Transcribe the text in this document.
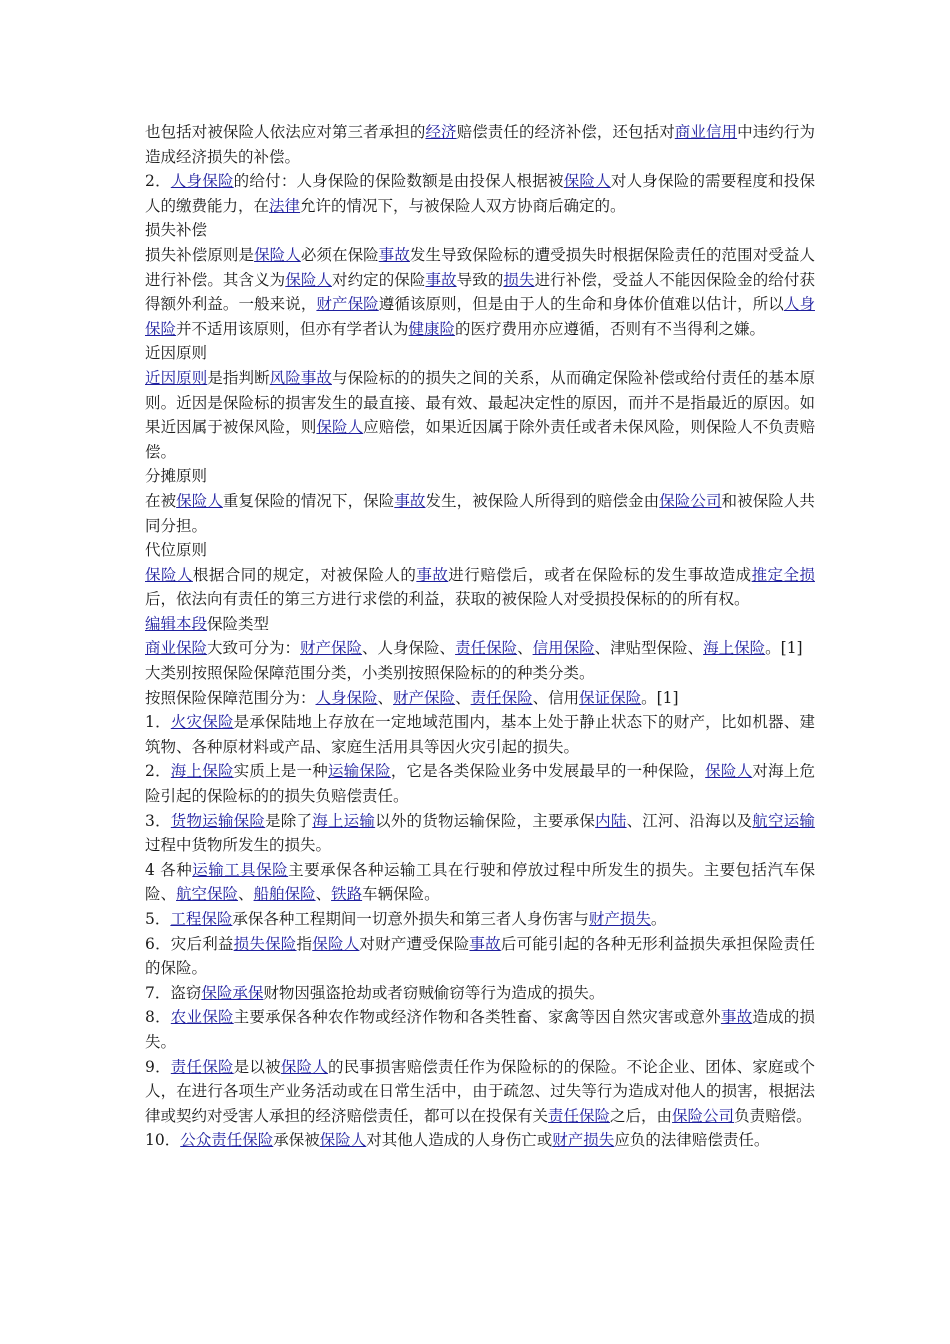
也包括对被保险人依法应对第三者承担的经济赔偿责任的经济补偿，还包括对商业信用中违约行为造成经济损失的补偿。

2．人身保险的给付：人身保险的保险数额是由投保人根据被保险人对人身保险的需要程度和投保人的缴费能力，在法律允许的情况下，与被保险人双方协商后确定的。

损失补偿

损失补偿原则是保险人必须在保险事故发生导致保险标的遭受损失时根据保险责任的范围对受益人进行补偿。其含义为保险人对约定的保险事故导致的损失进行补偿，受益人不能因保险金的给付获得额外利益。一般来说，财产保险遵循该原则，但是由于人的生命和身体价值难以估计，所以人身保险并不适用该原则，但亦有学者认为健康险的医疗费用亦应遵循，否则有不当得利之嫌。

近因原则

近因原则是指判断风险事故与保险标的的损失之间的关系，从而确定保险补偿或给付责任的基本原则。近因是保险标的损害发生的最直接、最有效、最起决定性的原因，而并不是指最近的原因。如果近因属于被保风险，则保险人应赔偿，如果近因属于除外责任或者未保风险，则保险人不负责赔偿。

分摊原则

在被保险人重复保险的情况下，保险事故发生，被保险人所得到的赔偿金由保险公司和被保险人共同分担。

代位原则

保险人根据合同的规定，对被保险人的事故进行赔偿后，或者在保险标的发生事故造成推定全损后，依法向有责任的第三方进行求偿的利益，获取的被保险人对受损投保标的的所有权。

编辑本段保险类型

商业保险大致可分为：财产保险、人身保险、责任保险、信用保险、津贴型保险、海上保险。[1]

大类别按照保险保障范围分类，小类别按照保险标的的种类分类。

按照保险保障范围分为：人身保险、财产保险、责任保险、信用保证保险。[1]

1．火灾保险是承保陆地上存放在一定地域范围内，基本上处于静止状态下的财产，比如机器、建筑物、各种原材料或产品、家庭生活用具等因火灾引起的损失。

2．海上保险实质上是一种运输保险，它是各类保险业务中发展最早的一种保险，保险人对海上危险引起的保险标的的损失负赔偿责任。

3．货物运输保险是除了海上运输以外的货物运输保险，主要承保内陆、江河、沿海以及航空运输过程中货物所发生的损失。

4 各种运输工具保险主要承保各种运输工具在行驶和停放过程中所发生的损失。主要包括汽车保险、航空保险、船舶保险、铁路车辆保险。

5．工程保险承保各种工程期间一切意外损失和第三者人身伤害与财产损失。

6．灾后利益损失保险指保险人对财产遭受保险事故后可能引起的各种无形利益损失承担保险责任的保险。

7．盗窃保险承保财物因强盗抢劫或者窃贼偷窃等行为造成的损失。

8．农业保险主要承保各种农作物或经济作物和各类牲畜、家禽等因自然灾害或意外事故造成的损失。

9．责任保险是以被保险人的民事损害赔偿责任作为保险标的的保险。不论企业、团体、家庭或个人，在进行各项生产业务活动或在日常生活中，由于疏忽、过失等行为造成对他人的损害，根据法律或契约对受害人承担的经济赔偿责任，都可以在投保有关责任保险之后，由保险公司负责赔偿。

10．公众责任保险承保被保险人对其他人造成的人身伤亡或财产损失应负的法律赔偿责任。
